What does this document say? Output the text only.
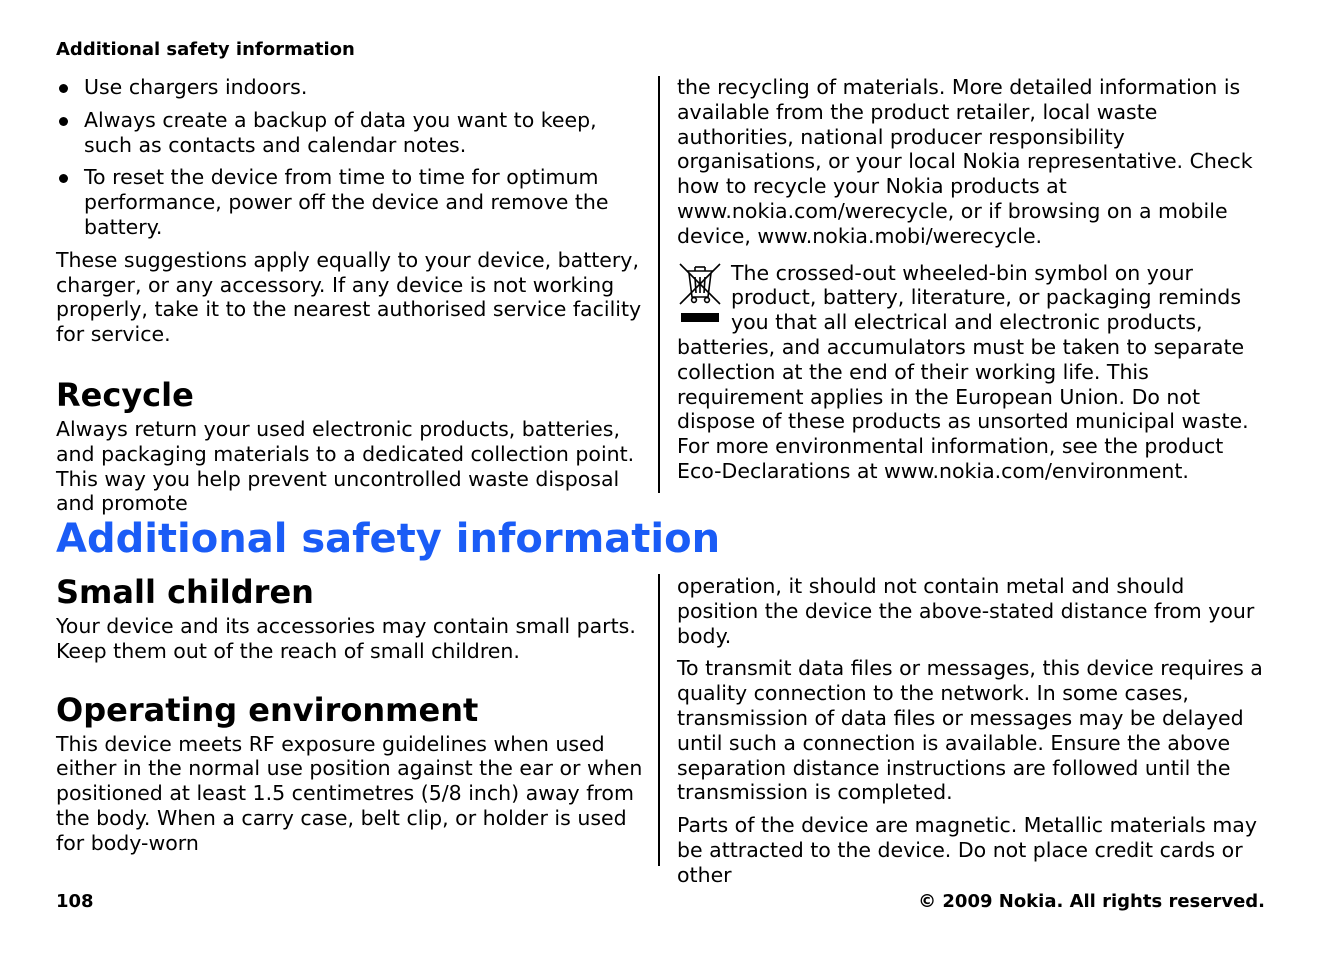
Additional safety information
Use chargers indoors.
Always create a backup of data you want to keep, such as contacts and calendar notes.
To reset the device from time to time for optimum performance, power off the device and remove the battery.

These suggestions apply equally to your device, battery, charger, or any accessory. If any device is not working properly, take it to the nearest authorised service facility for service.

Recycle

Always return your used electronic products, batteries, and packaging materials to a dedicated collection point. This way you help prevent uncontrolled waste disposal and promote

the recycling of materials. More detailed information is available from the product retailer, local waste authorities, national producer responsibility organisations, or your local Nokia representative. Check how to recycle your Nokia products at www.nokia.com/werecycle, or if browsing on a mobile device, www.nokia.mobi/werecycle.

The crossed-out wheeled-bin symbol on your product, battery, literature, or packaging reminds you that all electrical and electronic products, batteries, and accumulators must be taken to separate collection at the end of their working life. This requirement applies in the European Union. Do not dispose of these products as unsorted municipal waste. For more environmental information, see the product Eco-Declarations at www.nokia.com/environment.

Additional safety information
Small children

Your device and its accessories may contain small parts. Keep them out of the reach of small children.

Operating environment

This device meets RF exposure guidelines when used either in the normal use position against the ear or when positioned at least 1.5 centimetres (5/8 inch) away from the body. When a carry case, belt clip, or holder is used for body-worn

operation, it should not contain metal and should position the device the above-stated distance from your body.

To transmit data files or messages, this device requires a quality connection to the network. In some cases, transmission of data files or messages may be delayed until such a connection is available. Ensure the above separation distance instructions are followed until the transmission is completed.

Parts of the device are magnetic. Metallic materials may be attracted to the device. Do not place credit cards or other

108	© 2009 Nokia. All rights reserved.
